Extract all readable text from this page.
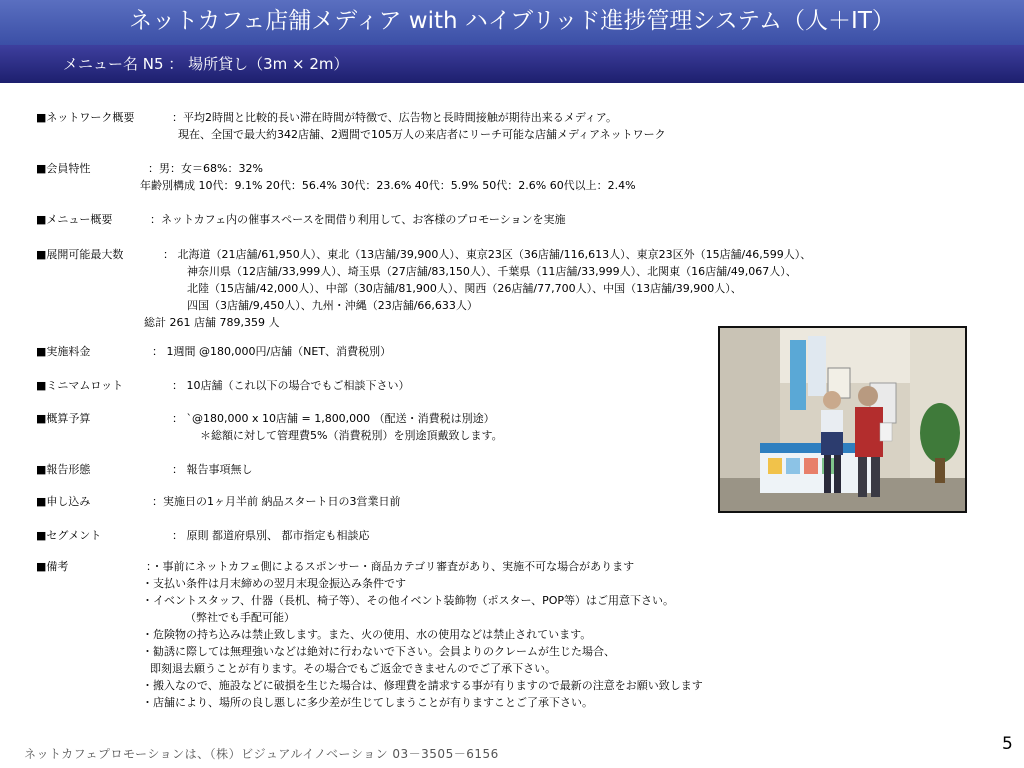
ネットカフェ店舗メディア with ハイブリッド進捗管理システム（人＋IT）
メニュー名 N5 ： 場所貸し（3m × 2m）
■ネットワーク概要	：平均2時間と比較的長い滞在時間が特徴で、広告物と長時間接触が期待出来るメディア。
現在、全国で最大約342店舗、2週間で105万人の来店者にリーチ可能な店舗メディアネットワーク
■会員特性	：男：女＝68%：32%
年齢別構成 10代：9.1% 20代：56.4% 30代：23.6% 40代：5.9% 50代：2.6% 60代以上：2.4%
■メニュー概要	：ネットカフェ内の催事スペースを間借り利用して、お客様のプロモーションを実施
■展開可能最大数	： 北海道（21店舗/61,950人）、東北（13店舗/39,900人）、東京23区（36店舗/116,613人）、東京23区外（15店舗/46,599人）、
神奈川県（12店舗/33,999人）、埼玉県（27店舗/83,150人）、千葉県（11店舗/33,999人）、北関東（16店舗/49,067人）、
北陸（15店舗/42,000人）、中部（30店舗/81,900人）、関西（26店舗/77,700人）、中国（13店舗/39,900人）、
四国（3店舗/9,450人）、九州・沖縄（23店舗/66,633人）
総計 261 店舗 789,359 人
■実施料金	： 1週間 @180,000円/店舗（NET、消費税別）
■ミニマムロット	： 10店舗（これ以下の場合でもご相談下さい）
■概算予算	： `@180,000 x 10店舗 = 1,800,000 （配送・消費税は別途）
＊総額に対して管理費5%（消費税別）を別途頂戴致します。
■報告形態	： 報告事項無し
■申し込み	：実施日の1ヶ月半前 納品スタート日の3営業日前
■セグメント	： 原則 都道府県別、 都市指定も相談応
■備考	：・事前にネットカフェ側によるスポンサー・商品カテゴリ審査があり、実施不可な場合があります
・支払い条件は月末締めの翌月末現金振込み条件です
・イベントスタッフ、什器（長机、椅子等）、その他イベント装飾物（ポスター、POP等）はご用意下さい。
（弊社でも手配可能）
・危険物の持ち込みは禁止致します。また、火の使用、水の使用などは禁止されています。
・勧誘に際しては無理強いなどは絶対に行わないで下さい。会員よりのクレームが生じた場合、
即刻退去願うことが有ります。その場合でもご返金できませんのでご了承下さい。
・搬入なので、施設などに破損を生じた場合は、修理費を請求する事が有りますので最新の注意をお願い致します
・店舗により、場所の良し悪しに多少差が生じてしまうことが有りますことご了承下さい。
ネットカフェプロモーションは、（株）ビジュアルイノベーション 03－3505－6156	5
